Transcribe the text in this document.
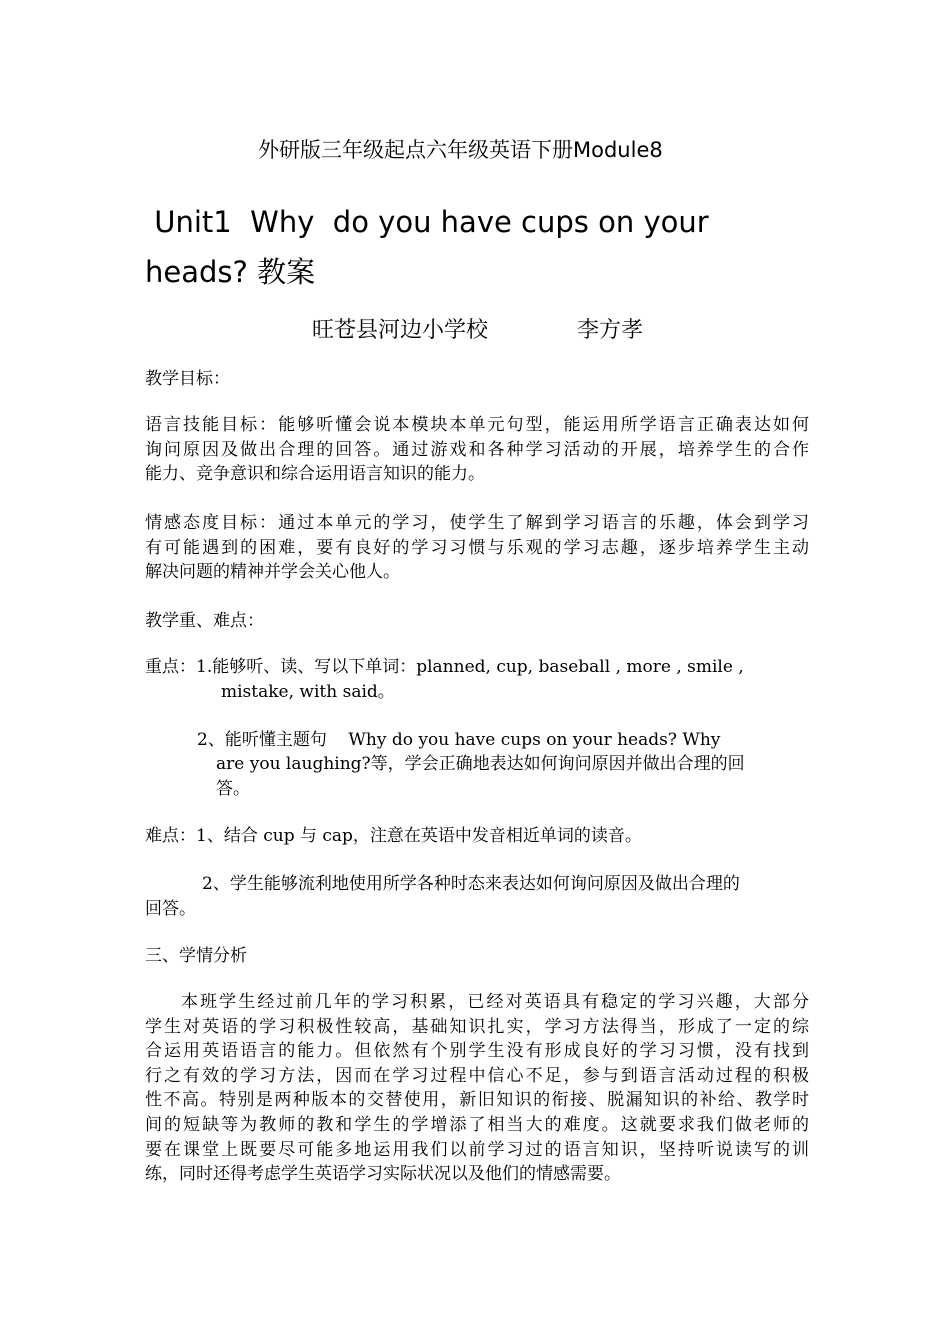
外研版三年级起点六年级英语下册Module8
Unit1  Why  do you have cups on your
heads? 教案
旺苍县河边小学校	李方孝
教学目标：
语言技能目标：能够听懂会说本模块本单元句型，能运用所学语言正确表达如何
询问原因及做出合理的回答。通过游戏和各种学习活动的开展，培养学生的合作
能力、竞争意识和综合运用语言知识的能力。
情感态度目标：通过本单元的学习，使学生了解到学习语言的乐趣，体会到学习
有可能遇到的困难，要有良好的学习习惯与乐观的学习志趣，逐步培养学生主动
解决问题的精神并学会关心他人。
教学重、难点：
重点：1.能够听、读、写以下单词：planned, cup, baseball , more , smile ,
mistake, with said。
2、能听懂主题句    Why do you have cups on your heads? Why
are you laughing?等，学会正确地表达如何询问原因并做出合理的回
答。
难点：1、结合 cup 与 cap，注意在英语中发音相近单词的读音。
2、学生能够流利地使用所学各种时态来表达如何询问原因及做出合理的
回答。
三、学情分析
本班学生经过前几年的学习积累，已经对英语具有稳定的学习兴趣，大部分
学生对英语的学习积极性较高，基础知识扎实，学习方法得当，形成了一定的综
合运用英语语言的能力。但依然有个别学生没有形成良好的学习习惯，没有找到
行之有效的学习方法，因而在学习过程中信心不足，参与到语言活动过程的积极
性不高。特别是两种版本的交替使用，新旧知识的衔接、脱漏知识的补给、教学时
间的短缺等为教师的教和学生的学增添了相当大的难度。这就要求我们做老师的
要在课堂上既要尽可能多地运用我们以前学习过的语言知识，坚持听说读写的训
练，同时还得考虑学生英语学习实际状况以及他们的情感需要。
